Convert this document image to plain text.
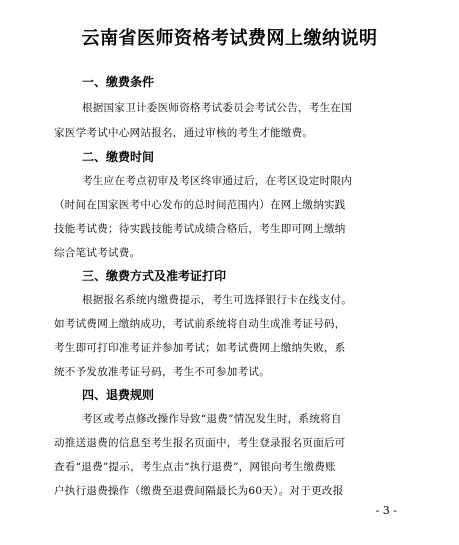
云南省医师资格考试费网上缴纳说明
一、缴费条件
根据国家卫计委医师资格考试委员会考试公告，考生在国
家医学考试中心网站报名，通过审核的考生才能缴费。
二、缴费时间
考生应在考点初审及考区终审通过后，在考区设定时限内
（时间在国家医考中心发布的总时间范围内）在网上缴纳实践
技能考试费；待实践技能考试成绩合格后，考生即可网上缴纳
综合笔试考试费。
三、缴费方式及准考证打印
根据报名系统内缴费提示，考生可选择银行卡在线支付。
如考试费网上缴纳成功，考试前系统将自动生成准考证号码，
考生即可打印准考证并参加考试；如考试费网上缴纳失败，系
统不予发放准考证号码，考生不可参加考试。
四、退费规则
考区或考点修改操作导致“退费”情况发生时，系统将自
动推送退费的信息至考生报名页面中，考生登录报名页面后可
查看“退费”提示，考生点击“执行退费”，网银向考生缴费账
户执行退费操作（缴费至退费间隔最长为60天）。对于更改报
- 3 -
